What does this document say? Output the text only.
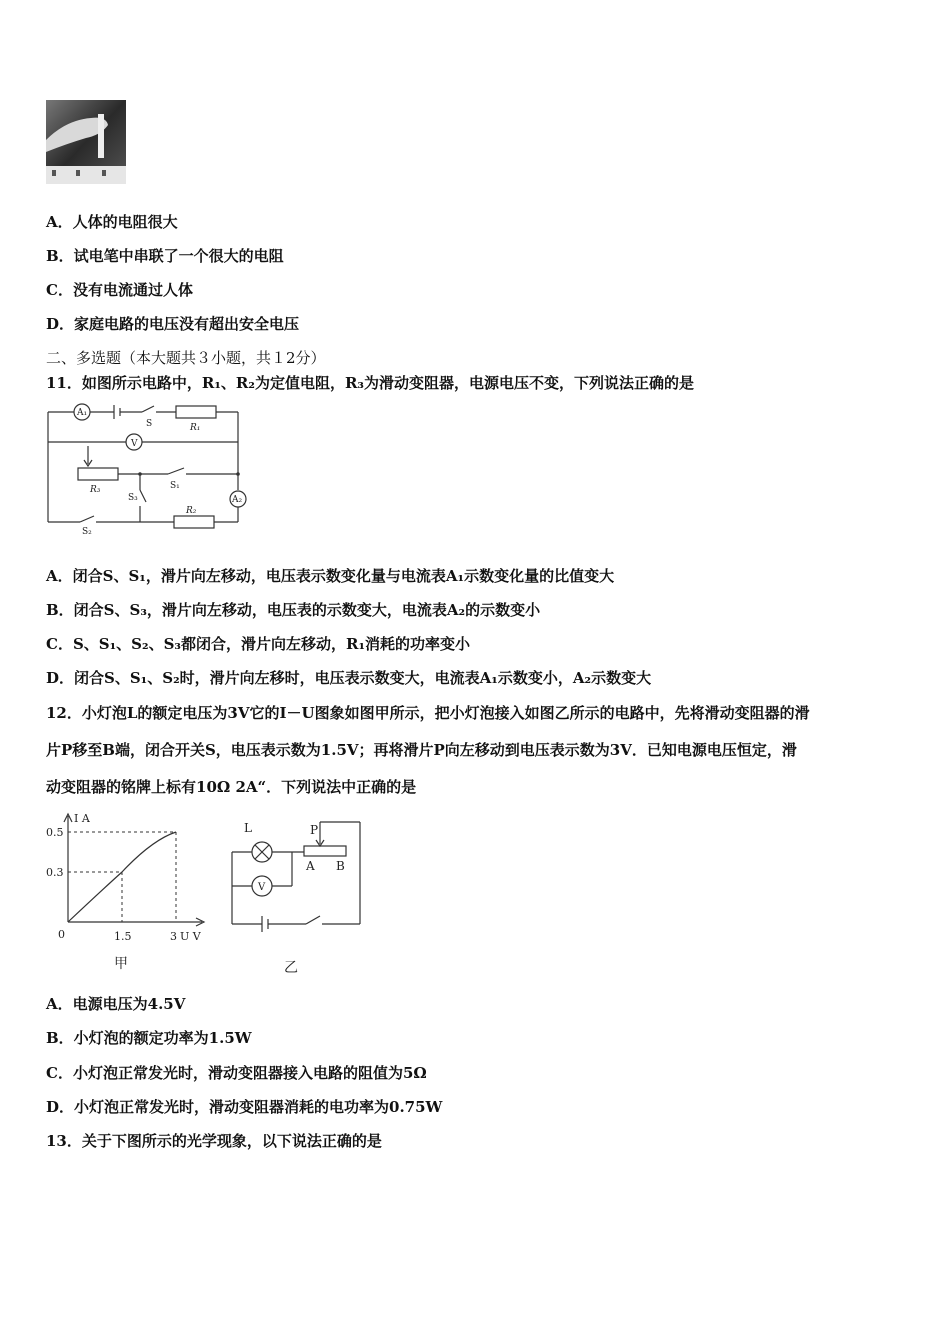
A．人体的电阻很大
B．试电笔中串联了一个很大的电阻
C．没有电流通过人体
D．家庭电路的电压没有超出安全电压
二、多选题（本大题共３小题，共１2分）
11．如图所示电路中，R₁、R₂为定值电阻，R₃为滑动变阻器，电源电压不变，下列说法正确的是
A₁
S	R₁
V
R₃	S₁
S₃	A₂
R₂
S₂
A．闭合S、S₁，滑片向左移动，电压表示数变化量与电流表A₁示数变化量的比值变大
B．闭合S、S₃，滑片向左移动，电压表的示数变大，电流表A₂的示数变小
C．S、S₁、S₂、S₃都闭合，滑片向左移动，R₁消耗的功率变小
D．闭合S、S₁、S₂时，滑片向左移时，电压表示数变大，电流表A₁示数变小，A₂示数变大
12．小灯泡L的额定电压为3V它的I－U图象如图甲所示，把小灯泡接入如图乙所示的电路中，先将滑动变阻器的滑
片P移至B端，闭合开关S，电压表示数为1.5V；再将滑片P向左移动到电压表示数为3V．已知电源电压恒定，滑
动变阻器的铭牌上标有10Ω 2A“．下列说法中正确的是
I A
0.5
0.3
0	1.5	3 U V
甲
L	P
A B
V
乙
A．电源电压为4.5V
B．小灯泡的额定功率为1.5W
C．小灯泡正常发光时，滑动变阻器接入电路的阻值为5Ω
D．小灯泡正常发光时，滑动变阻器消耗的电功率为0.75W
13．关于下图所示的光学现象，以下说法正确的是
